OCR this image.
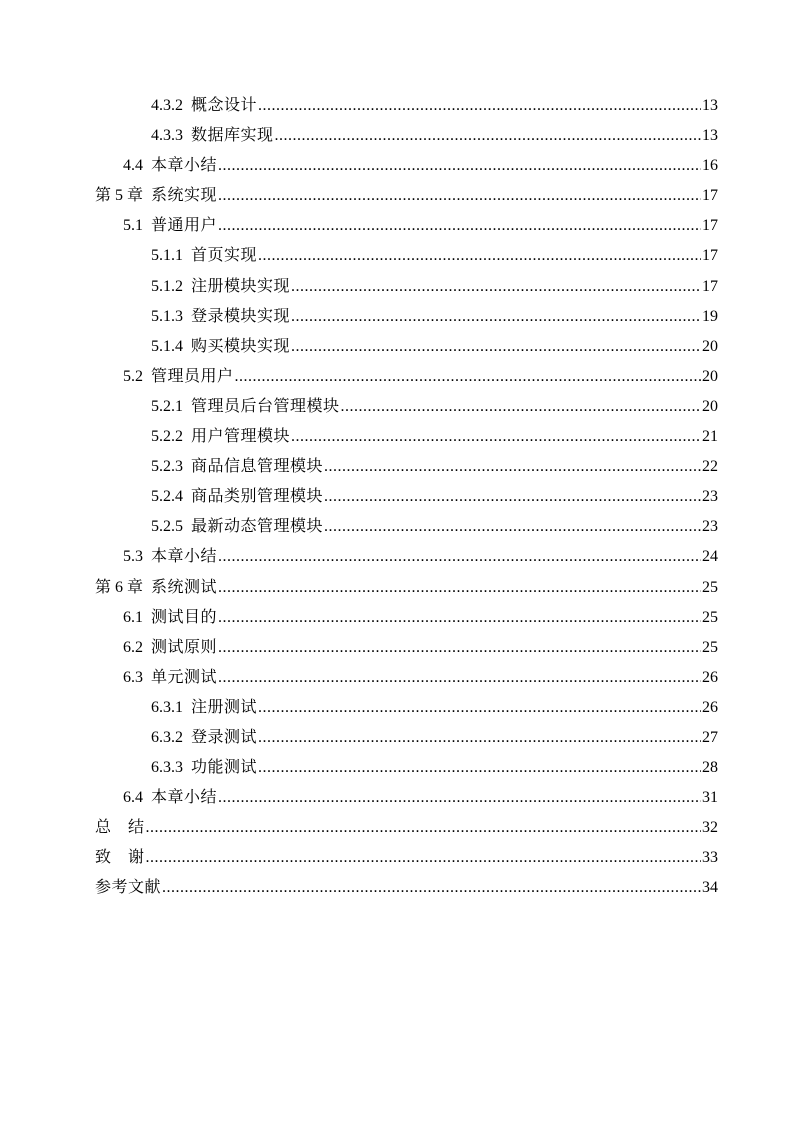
4.3.2 概念设计 .....	13
4.3.3 数据库实现 .....	13
4.4 本章小结 .....	16
第 5 章 系统实现 .....	17
5.1 普通用户 .....	17
5.1.1 首页实现 .....	17
5.1.2 注册模块实现 .....	17
5.1.3 登录模块实现 .....	19
5.1.4 购买模块实现 .....	20
5.2 管理员用户 .....	20
5.2.1 管理员后台管理模块 .....	20
5.2.2 用户管理模块 .....	21
5.2.3 商品信息管理模块 .....	22
5.2.4 商品类别管理模块 .....	23
5.2.5 最新动态管理模块 .....	23
5.3 本章小结 .....	24
第 6 章 系统测试 .....	25
6.1 测试目的 .....	25
6.2 测试原则 .....	25
6.3 单元测试 .....	26
6.3.1 注册测试 .....	26
6.3.2 登录测试 .....	27
6.3.3 功能测试 .....	28
6.4 本章小结 .....	31
总　结 .....	32
致　谢 .....	33
参考文献 .....	34
